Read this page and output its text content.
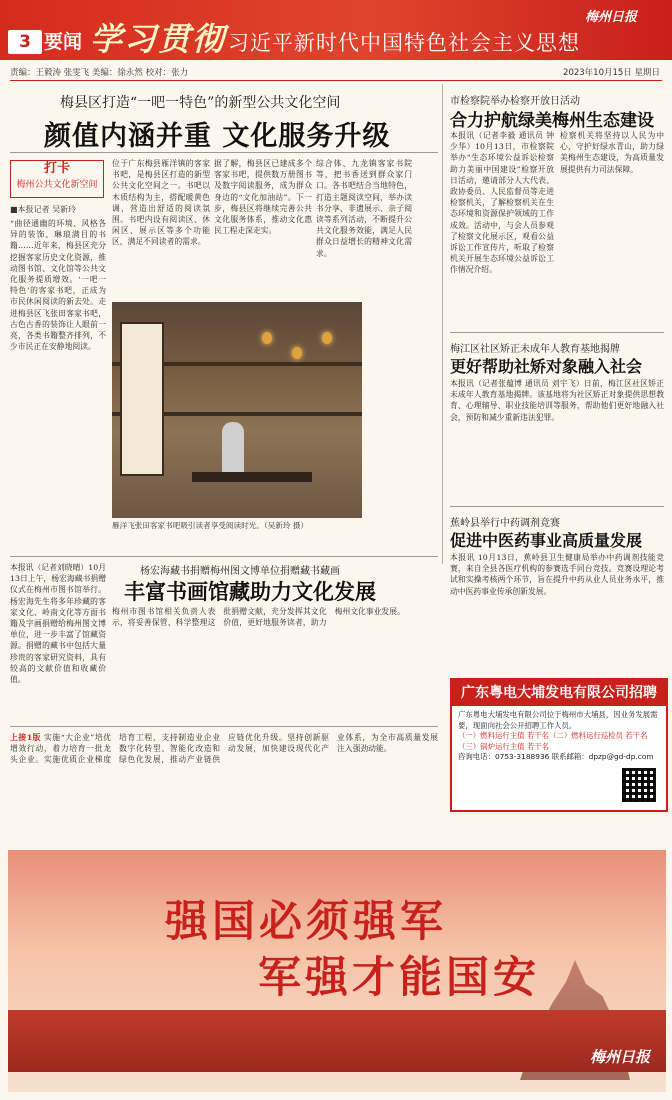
3 要闻 学习贯彻 习近平新时代中国特色社会主义思想
梅州日报
责编：王毅涛 张雯飞 美编：徐永然 校对：张力	2023年10月15日 星期日
梅县区打造“一吧一特色”的新型公共文化空间
颜值内涵并重 文化服务升级
打卡
梅州公共文化新空间
■本报记者 吴新玲
“曲径通幽的环境、风格各异的装饰、琳琅满目的书籍……近年来，梅县区充分挖掘客家历史文化资源，推动图书馆、文化馆等公共文化服务提质增效。‘一吧一特色’的客家书吧，正成为市民休闲阅读的新去处。走进梅县区飞张田客家书吧，古色古香的装饰让人眼前一亮，各类书籍整齐排列，不少市民正在安静地阅读。
位于广东梅县雁洋镇的客家书吧，是梅县区打造的新型公共文化空间之一。书吧以木质结构为主，搭配暖黄色调，营造出舒适的阅读氛围。书吧内设有阅读区、休闲区、展示区等多个功能区，满足不同读者的需求。
据了解，梅县区已建成多个客家书吧，提供数万册图书及数字阅读服务，成为群众身边的“文化加油站”。下一步，梅县区将继续完善公共文化服务体系，推动文化惠民工程走深走实。
综合体、九龙镇客家书院等，把书香送到群众家门口。各书吧结合当地特色，打造主题阅读空间，举办读书分享、非遗展示、亲子阅读等系列活动，不断提升公共文化服务效能，满足人民群众日益增长的精神文化需求。
雁洋飞张田客家书吧吸引读者享受阅读时光。（吴新玲 摄）
市检察院举办检察开放日活动
合力护航绿美梅州生态建设
本报讯（记者李毅 通讯员 钟少华）10月13日，市检察院举办“生态环境公益诉讼检察助力美丽中国建设”检察开放日活动，邀请部分人大代表、政协委员、人民监督员等走进检察机关，了解检察机关在生态环境和资源保护领域的工作成效。活动中，与会人员参观了检察文化展示区，观看公益诉讼工作宣传片，听取了检察机关开展生态环境公益诉讼工作情况介绍。
检察机关将坚持以人民为中心，守护好绿水青山，助力绿美梅州生态建设，为高质量发展提供有力司法保障。
梅江区社区矫正未成年人教育基地揭牌
更好帮助社矫对象融入社会
本报讯（记者张蕴博 通讯员 刘宇飞）日前，梅江区社区矫正未成年人教育基地揭牌。该基地将为社区矫正对象提供思想教育、心理辅导、职业技能培训等服务，帮助他们更好地融入社会，预防和减少重新违法犯罪。
蕉岭县举行中药调剂竞赛
促进中医药事业高质量发展
本报讯 10月13日，蕉岭县卫生健康局举办中药调剂技能竞赛，来自全县各医疗机构的参赛选手同台竞技。竞赛设理论考试和实操考核两个环节，旨在提升中药从业人员业务水平，推动中医药事业传承创新发展。
本报讯（记者刘晓晴）10月13日上午，杨宏海藏书捐赠仪式在梅州市图书馆举行。杨宏海先生将多年珍藏的客家文化、岭南文化等方面书籍及字画捐赠给梅州图文博单位，进一步丰富了馆藏资源。捐赠的藏书中包括大量珍贵的客家研究资料，具有较高的文献价值和收藏价值。
杨宏海藏书捐赠梅州图文博单位捐赠藏书藏画
丰富书画馆藏助力文化发展
梅州市图书馆相关负责人表示，将妥善保管、科学整理这批捐赠文献，充分发挥其文化价值，更好地服务读者，助力梅州文化事业发展。
上接1版 实施“大企业”培优增效行动，着力培育一批龙头企业。实施优质企业梯度培育工程，支持制造业企业数字化转型、智能化改造和绿色化发展，推动产业链供应链优化升级。坚持创新驱动发展，加快建设现代化产业体系，为全市高质量发展注入强劲动能。
广东粤电大埔发电有限公司招聘
广东粤电大埔发电有限公司位于梅州市大埔县，因业务发展需要，现面向社会公开招聘工作人员。
（一）燃料运行主值 若干名（二）燃料运行巡检员 若干名（三）锅炉运行主值 若干名
咨询电话：0753-3188936 联系邮箱：dpzp@gd-dp.com
强国必须强军
军强才能国安
梅州日报
